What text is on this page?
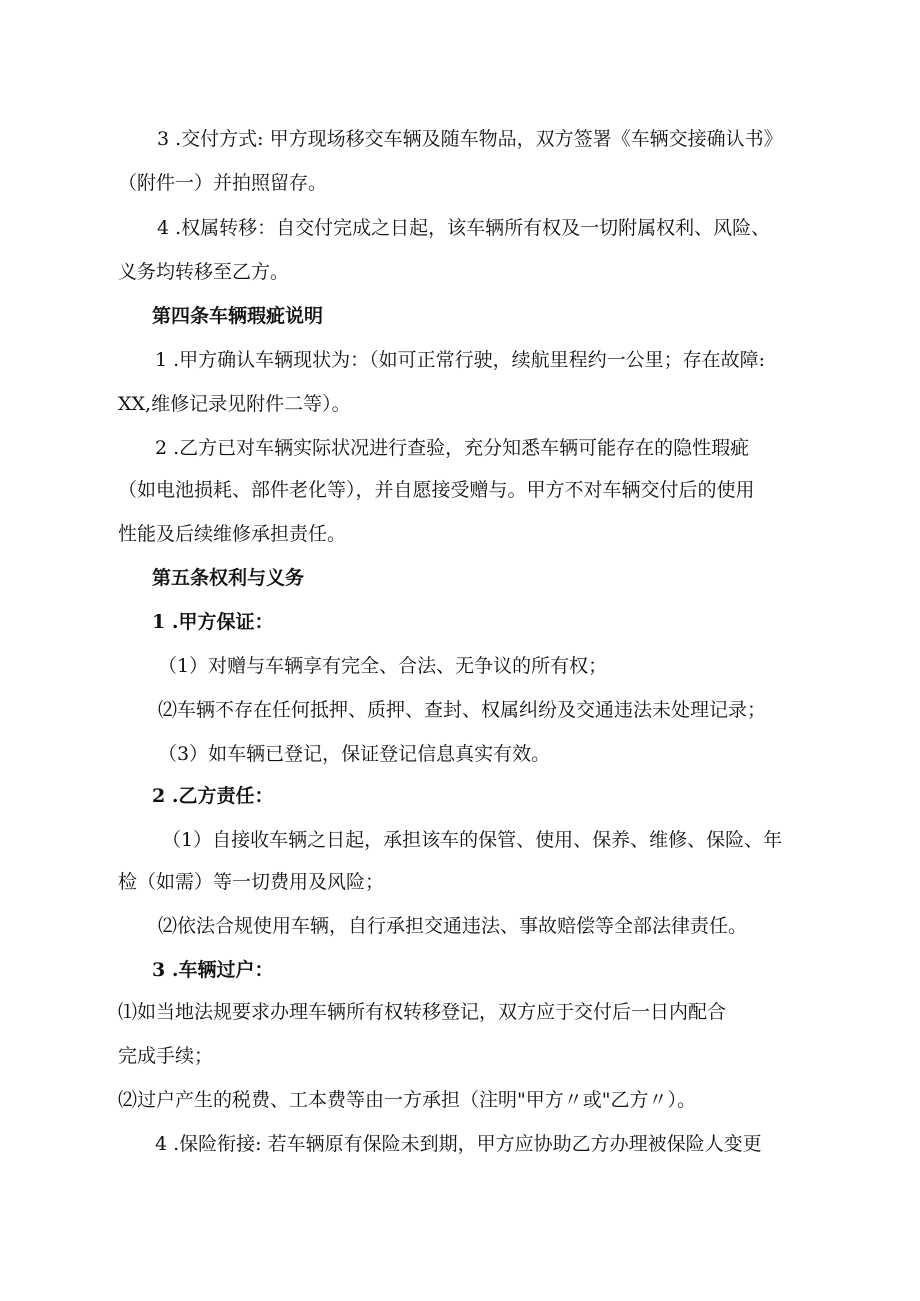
3 .交付方式: 甲方现场移交车辆及随车物品，双方签署《车辆交接确认书》
（附件一）并拍照留存。
4 .权属转移：自交付完成之日起，该车辆所有权及一切附属权利、风险、
义务均转移至乙方。
第四条车辆瑕疵说明
1 .甲方确认车辆现状为：（如可正常行驶，续航里程约一公里；存在故障:
XX,维修记录见附件二等）。
2 .乙方已对车辆实际状况进行查验，充分知悉车辆可能存在的隐性瑕疵
（如电池损耗、部件老化等），并自愿接受赠与。甲方不对车辆交付后的使用
性能及后续维修承担责任。
第五条权利与义务
1 .甲方保证：
（1）对赠与车辆享有完全、合法、无争议的所有权；
⑵车辆不存在任何抵押、质押、查封、权属纠纷及交通违法未处理记录；
（3）如车辆已登记，保证登记信息真实有效。
2 .乙方责任：
（1）自接收车辆之日起，承担该车的保管、使用、保养、维修、保险、年
检（如需）等一切费用及风险；
⑵依法合规使用车辆，自行承担交通违法、事故赔偿等全部法律责任。
3 .车辆过户：
⑴如当地法规要求办理车辆所有权转移登记，双方应于交付后一日内配合
完成手续；
⑵过户产生的税费、工本费等由一方承担（注明"甲方〃或"乙方〃）。
4 .保险衔接: 若车辆原有保险未到期，甲方应协助乙方办理被保险人变更
